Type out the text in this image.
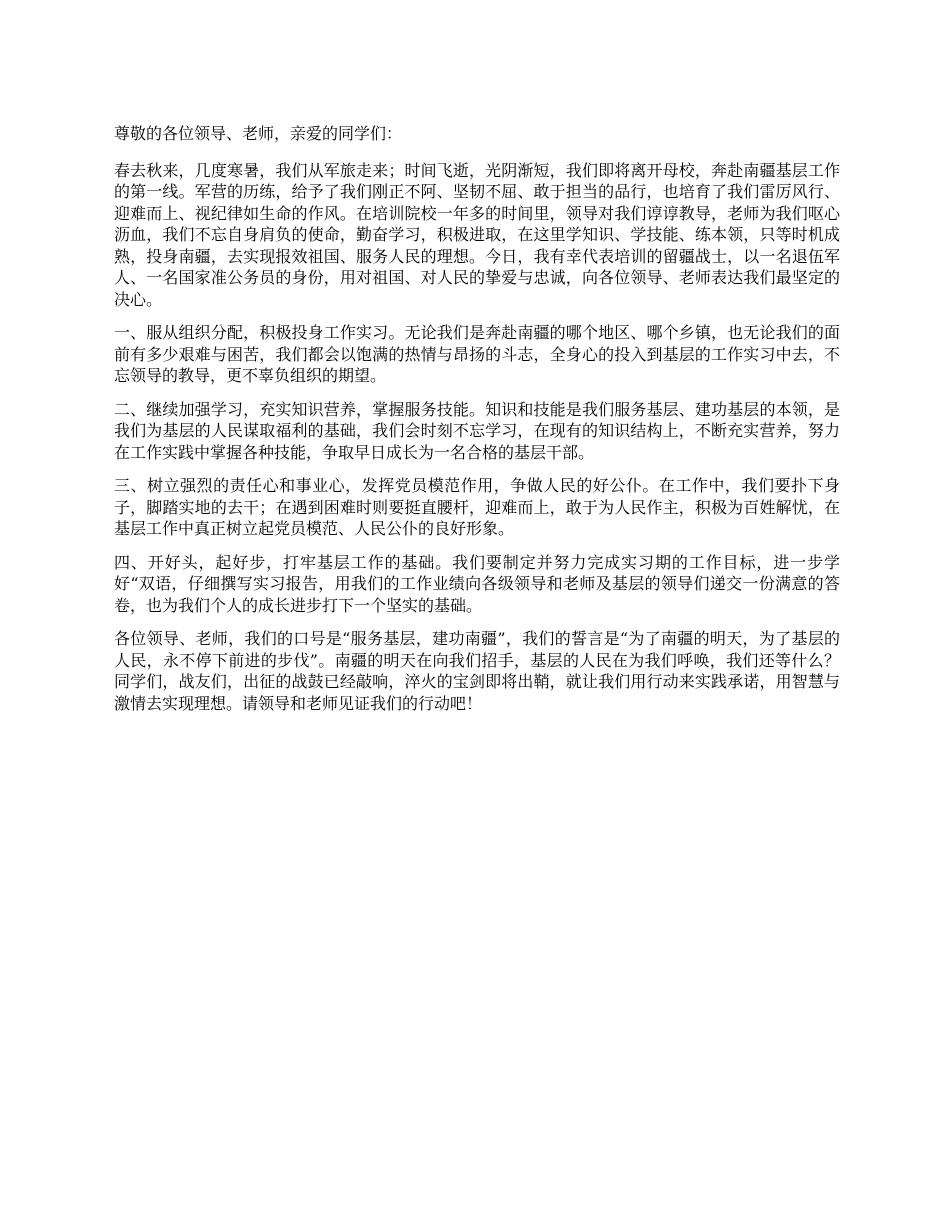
尊敬的各位领导、老师，亲爱的同学们：

春去秋来，几度寒暑，我们从军旅走来；时间飞逝，光阴渐短，我们即将离开母校，奔赴南疆基层工作的第一线。军营的历练，给予了我们刚正不阿、坚韧不屈、敢于担当的品行，也培育了我们雷厉风行、迎难而上、视纪律如生命的作风。在培训院校一年多的时间里，领导对我们谆谆教导，老师为我们呕心沥血，我们不忘自身肩负的使命，勤奋学习，积极进取，在这里学知识、学技能、练本领，只等时机成熟，投身南疆，去实现报效祖国、服务人民的理想。今日，我有幸代表培训的留疆战士，以一名退伍军人、一名国家准公务员的身份，用对祖国、对人民的挚爱与忠诚，向各位领导、老师表达我们最坚定的决心。

一、服从组织分配，积极投身工作实习。无论我们是奔赴南疆的哪个地区、哪个乡镇，也无论我们的面前有多少艰难与困苦，我们都会以饱满的热情与昂扬的斗志，全身心的投入到基层的工作实习中去，不忘领导的教导，更不辜负组织的期望。

二、继续加强学习，充实知识营养，掌握服务技能。知识和技能是我们服务基层、建功基层的本领，是我们为基层的人民谋取福利的基础，我们会时刻不忘学习，在现有的知识结构上，不断充实营养，努力在工作实践中掌握各种技能，争取早日成长为一名合格的基层干部。

三、树立强烈的责任心和事业心，发挥党员模范作用，争做人民的好公仆。在工作中，我们要扑下身子，脚踏实地的去干；在遇到困难时则要挺直腰杆，迎难而上，敢于为人民作主，积极为百姓解忧，在基层工作中真正树立起党员模范、人民公仆的良好形象。

四、开好头，起好步，打牢基层工作的基础。我们要制定并努力完成实习期的工作目标，进一步学好“双语，仔细撰写实习报告，用我们的工作业绩向各级领导和老师及基层的领导们递交一份满意的答卷，也为我们个人的成长进步打下一个坚实的基础。

各位领导、老师，我们的口号是“服务基层，建功南疆”，我们的誓言是“为了南疆的明天，为了基层的人民，永不停下前进的步伐”。南疆的明天在向我们招手，基层的人民在为我们呼唤，我们还等什么？同学们，战友们，出征的战鼓已经敲响，淬火的宝剑即将出鞘，就让我们用行动来实践承诺，用智慧与激情去实现理想。请领导和老师见证我们的行动吧！
